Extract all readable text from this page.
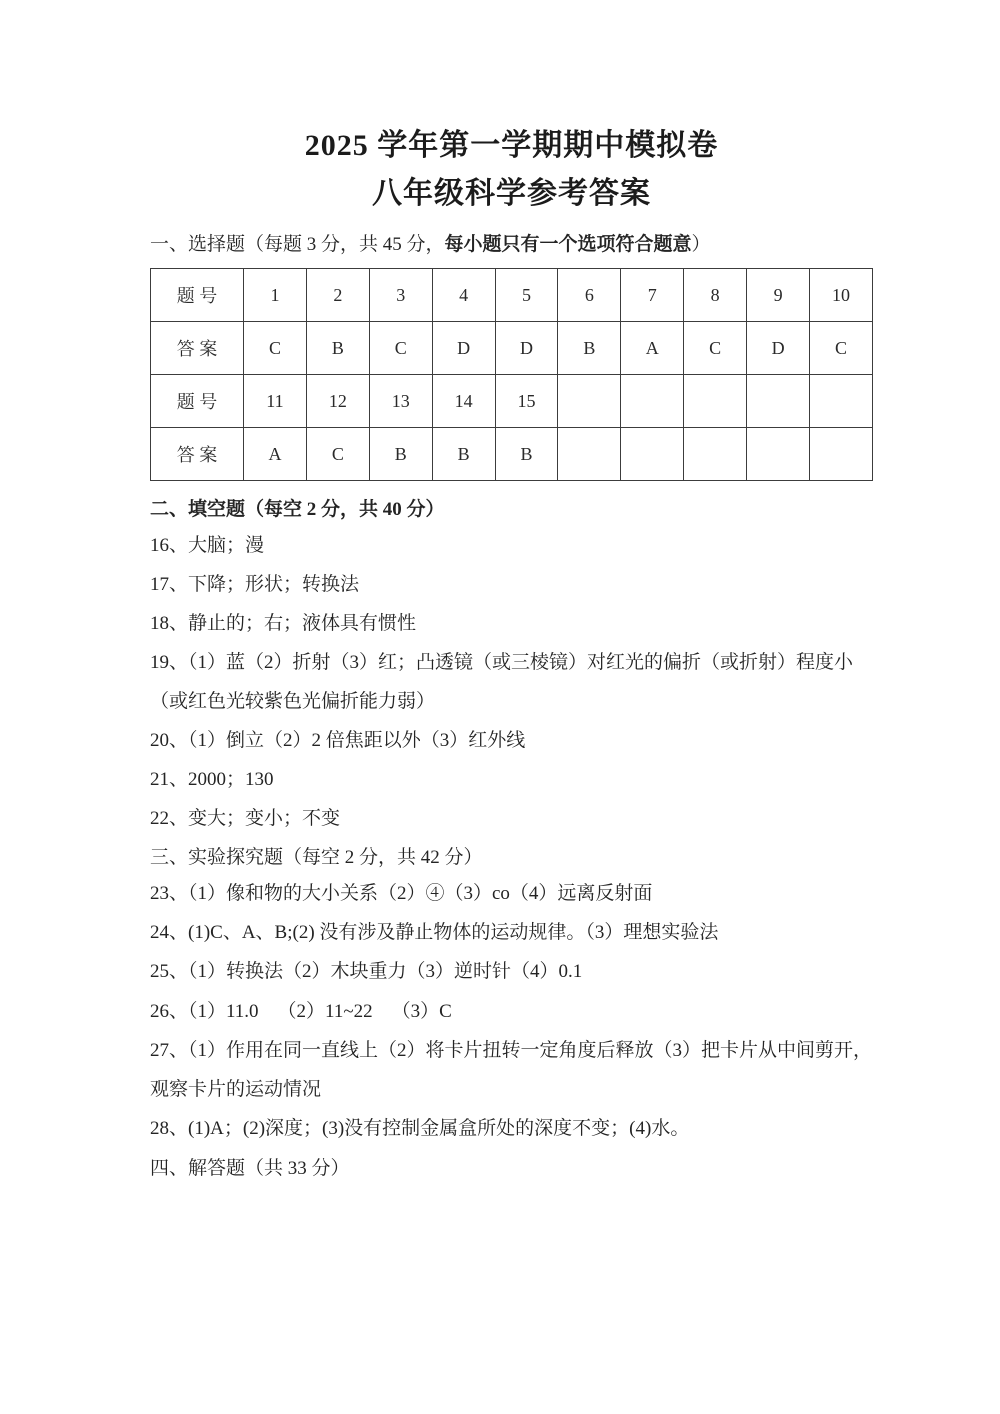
2025 学年第一学期期中模拟卷
八年级科学参考答案

一、选择题（每题 3 分，共 45 分，每小题只有一个选项符合题意）

题 号	1	2	3	4	5	6	7	8	9	10
答 案	C	B	C	D	D	B	A	C	D	C
题 号	11	12	13	14	15					
答 案	A	C	B	B	B					

二、填空题（每空 2 分，共 40 分）

16、大脑；漫

17、下降；形状；转换法

18、静止的；右；液体具有惯性

19、（1）蓝（2）折射（3）红；凸透镜（或三棱镜）对红光的偏折（或折射）程度小

（或红色光较紫色光偏折能力弱）

20、（1）倒立（2）2 倍焦距以外（3）红外线

21、2000；130

22、变大；变小；不变

三、实验探究题（每空 2 分，共 42 分）

23、（1）像和物的大小关系（2）④（3）co（4）远离反射面

24、(1)C、A、B;(2) 没有涉及静止物体的运动规律。（3）理想实验法

25、（1）转换法（2）木块重力（3）逆时针（4）0.1

26、（1）11.0    （2）11~22    （3）C

27、（1）作用在同一直线上（2）将卡片扭转一定角度后释放（3）把卡片从中间剪开，

观察卡片的运动情况

28、(1)A；(2)深度；(3)没有控制金属盒所处的深度不变；(4)水。

四、解答题（共 33 分）
